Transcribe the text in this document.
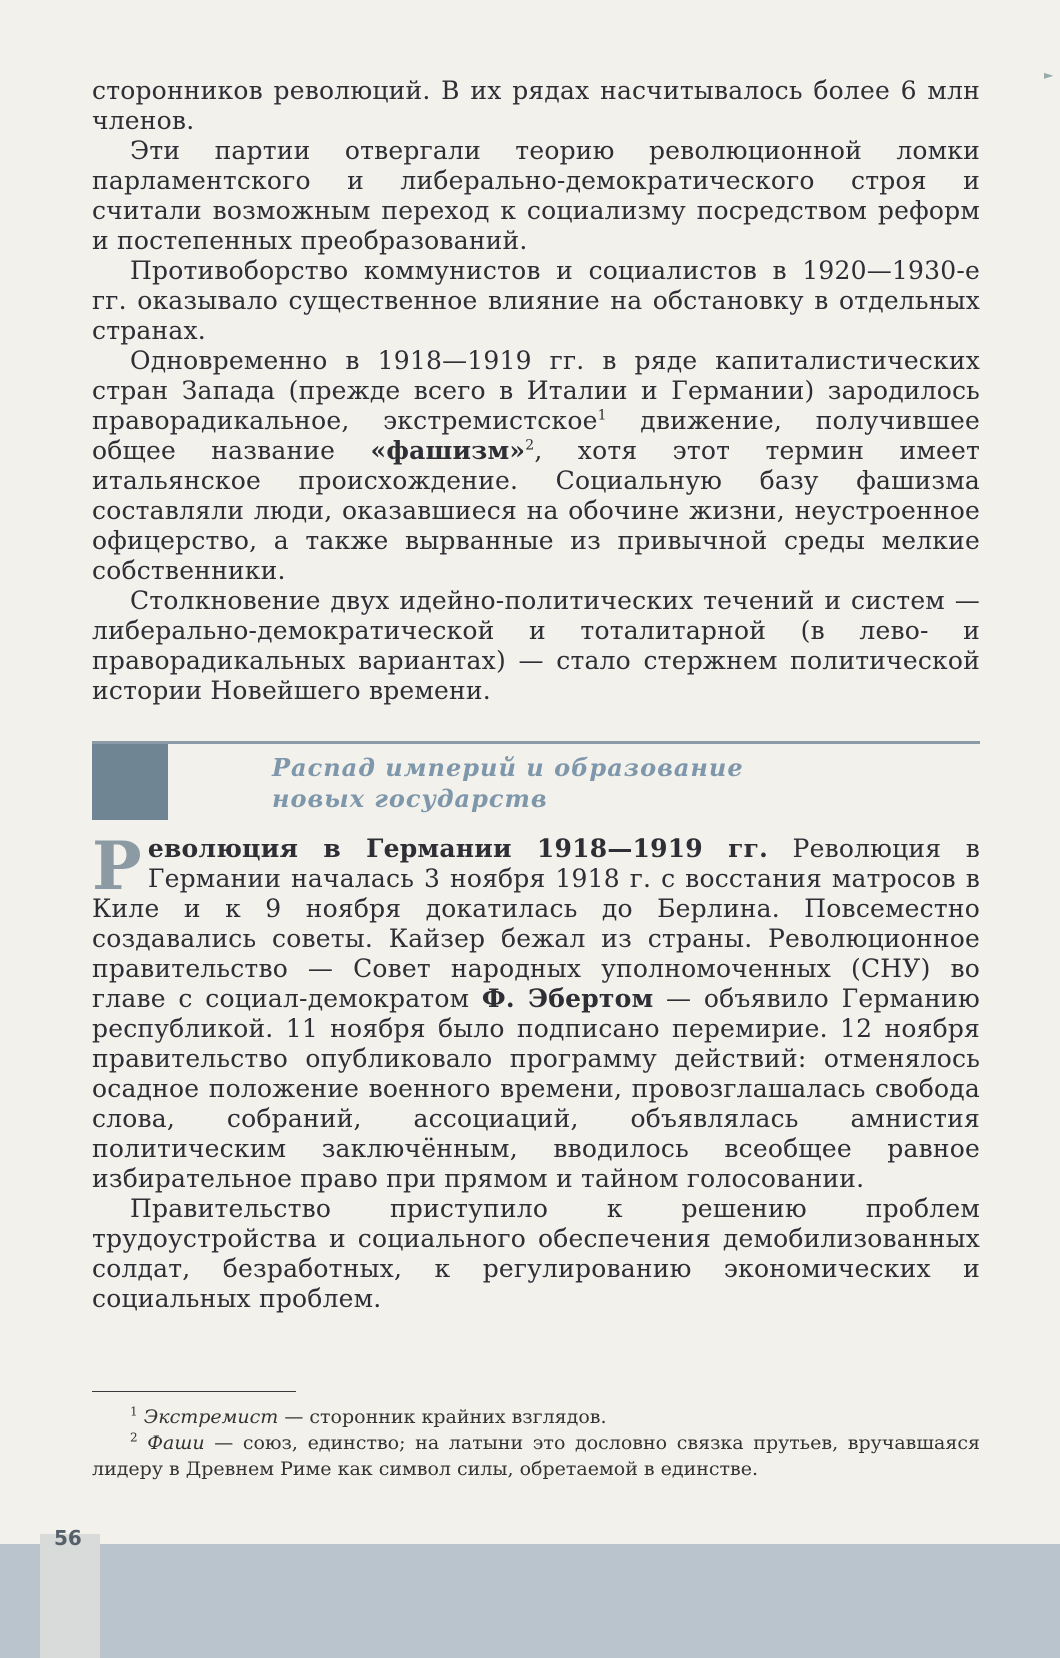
►

сторонников революций. В их рядах насчитывалось более 6 млн членов.

Эти партии отвергали теорию революционной ломки парламентского и либерально-демократического строя и считали возможным переход к социализму посредством реформ и постепенных преобразований.

Противоборство коммунистов и социалистов в 1920—1930-е гг. оказывало существенное влияние на обстановку в отдельных странах.

Одновременно в 1918—1919 гг. в ряде капиталистических стран Запада (прежде всего в Италии и Германии) зародилось праворадикальное, экстремистское$^1$ движение, получившее общее название «фашизм»$^2$, хотя этот термин имеет итальянское происхождение. Социальную базу фашизма составляли люди, оказавшиеся на обочине жизни, неустроенное офицерство, а также вырванные из привычной среды мелкие собственники.

Столкновение двух идейно-политических течений и систем — либерально-демократической и тоталитарной (в лево- и праворадикальных вариантах) — стало стержнем политической истории Новейшего времени.

Распад империй и образование
новых государств

Революция в Германии 1918—1919 гг. Революция в Германии началась 3 ноября 1918 г. с восстания матросов в Киле и к 9 ноября докатилась до Берлина. Повсеместно создавались советы. Кайзер бежал из страны. Революционное правительство — Совет народных уполномоченных (СНУ) во главе с социал-демократом Ф. Эбертом — объявило Германию республикой. 11 ноября было подписано перемирие. 12 ноября правительство опубликовало программу действий: отменялось осадное положение военного времени, провозглашалась свобода слова, собраний, ассоциаций, объявлялась амнистия политическим заключённым, вводилось всеобщее равное избирательное право при прямом и тайном голосовании.

Правительство приступило к решению проблем трудоустройства и социального обеспечения демобилизованных солдат, безработных, к регулированию экономических и социальных проблем.

$^1$ Экстремист — сторонник крайних взглядов.

$^2$ Фаши — союз, единство; на латыни это дословно связка прутьев, вручавшаяся лидеру в Древнем Риме как символ силы, обретаемой в единстве.

56
